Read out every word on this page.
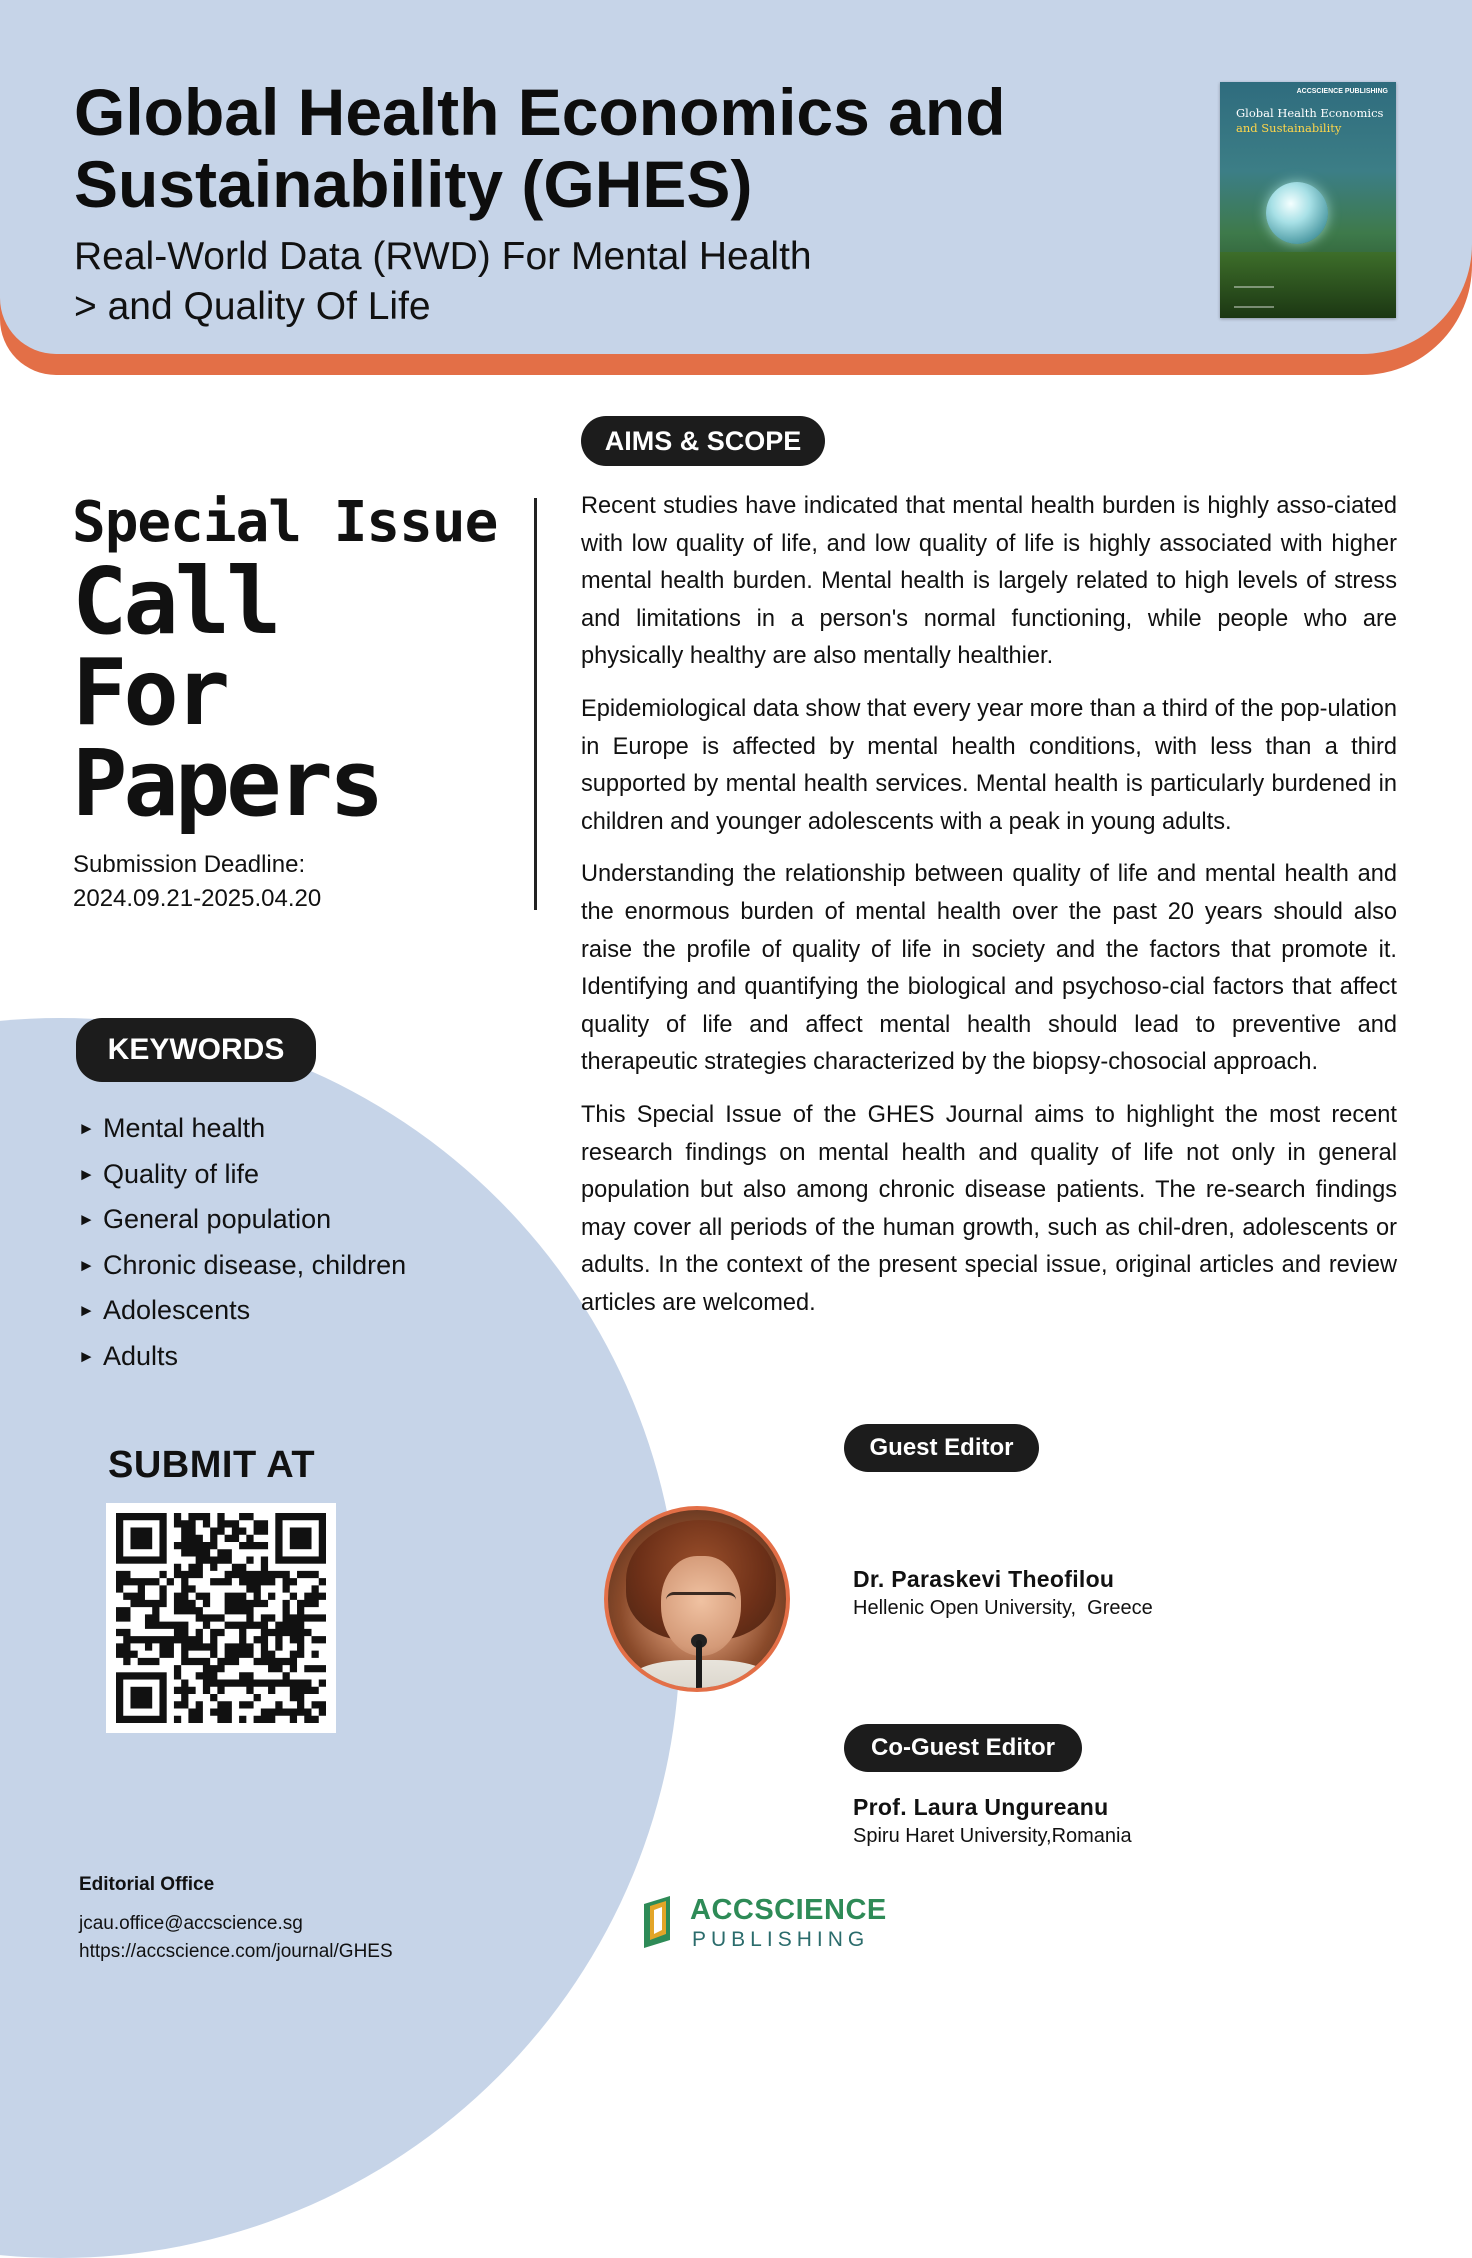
Global Health Economics and Sustainability (GHES)
Real-World Data (RWD) For Mental Health
> and Quality Of Life
ACCSCIENCE PUBLISHING
Global Health Economics
and Sustainability
AIMS & SCOPE
Special Issue
Call
For
Papers
Submission Deadline:
2024.09.21-2025.04.20

Recent studies have indicated that mental health burden is highly asso-ciated with low quality of life, and low quality of life is highly associated with higher mental health burden. Mental health is largely related to high levels of stress and limitations in a person's normal functioning, while people who are physically healthy are also mentally healthier.

Epidemiological data show that every year more than a third of the pop-ulation in Europe is affected by mental health conditions, with less than a third supported by mental health services. Mental health is particularly burdened in children and younger adolescents with a peak in young adults.

Understanding the relationship between quality of life and mental health and the enormous burden of mental health over the past 20 years should also raise the profile of quality of life in society and the factors that promote it. Identifying and quantifying the biological and psychoso-cial factors that affect quality of life and affect mental health should lead to preventive and therapeutic strategies characterized by the biopsy-chosocial approach.

This Special Issue of the GHES Journal aims to highlight the most recent research findings on mental health and quality of life not only in general population but also among chronic disease patients. The re-search findings may cover all periods of the human growth, such as chil-dren, adolescents or adults. In the context of the present special issue, original articles and review articles are welcomed.

KEYWORDS
► Mental health
► Quality of life
► General population
► Chronic disease, children
► Adolescents
► Adults
SUBMIT AT	Guest Editor

Dr. Paraskevi Theofilou

Hellenic Open University,  Greece

Co-Guest Editor

Prof. Laura Ungureanu

Spiru Haret University,Romania

Editorial Office
jcau.office@accscience.sg
https://accscience.com/journal/GHES
ACCSCIENCE
PUBLISHING
